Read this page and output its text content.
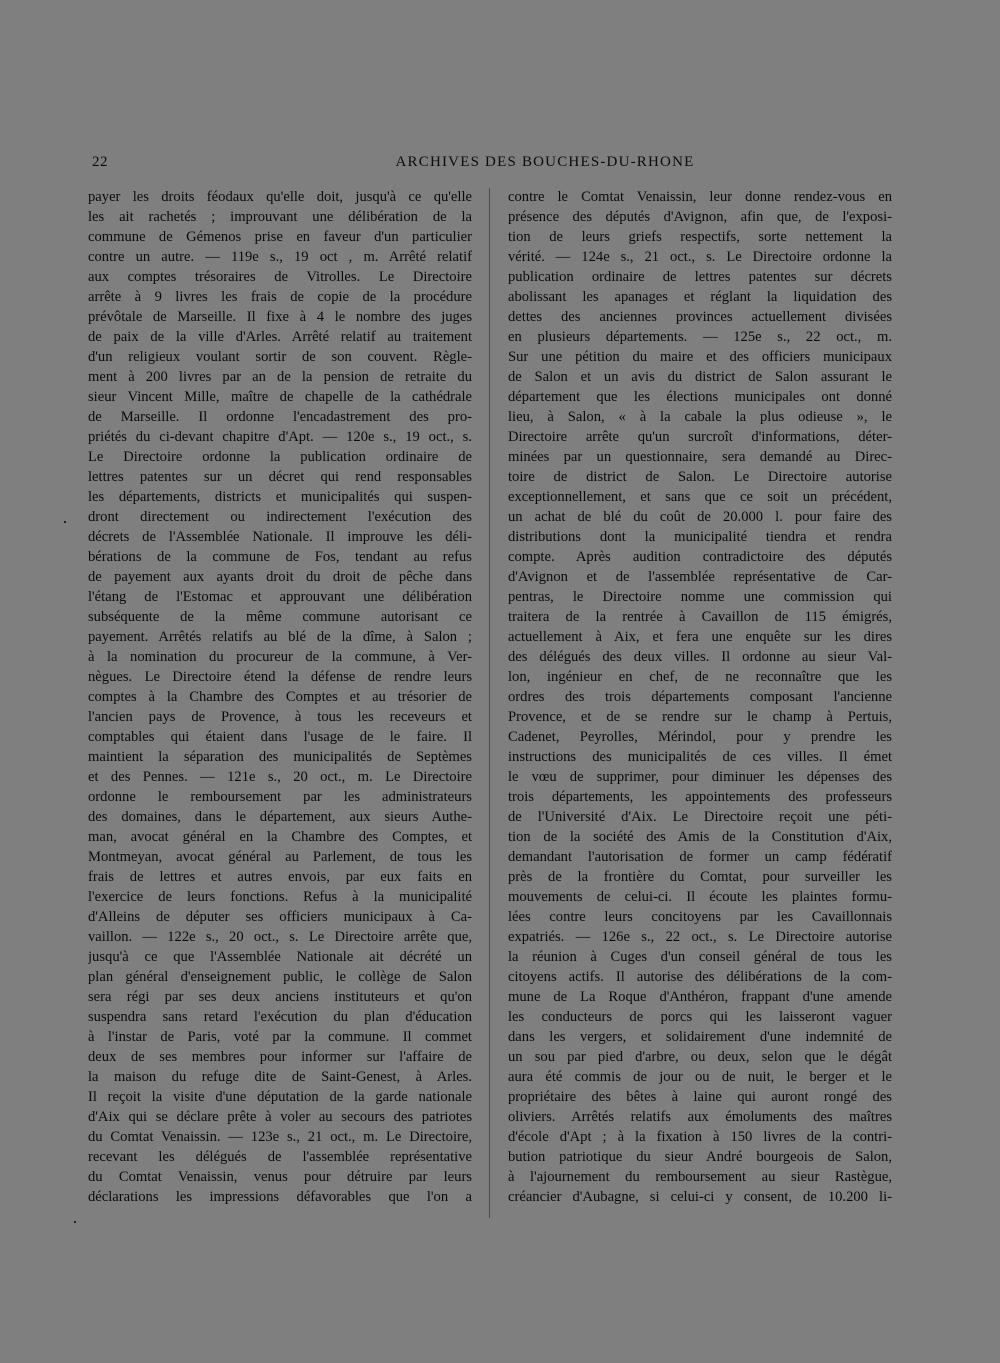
22	ARCHIVES DES BOUCHES-DU-RHONE
payer les droits féodaux qu'elle doit, jusqu'à ce qu'elle
les ait rachetés ; improuvant une délibération de la
commune de Gémenos prise en faveur d'un particulier
contre un autre. — 119e s., 19 oct , m. Arrêté relatif
aux comptes trésoraires de Vitrolles. Le Directoire
arrête à 9 livres les frais de copie de la procédure
prévôtale de Marseille. Il fixe à 4 le nombre des juges
de paix de la ville d'Arles. Arrêté relatif au traitement
d'un religieux voulant sortir de son couvent. Règle-
ment à 200 livres par an de la pension de retraite du
sieur Vincent Mille, maître de chapelle de la cathédrale
de Marseille. Il ordonne l'encadastrement des pro-
priétés du ci-devant chapitre d'Apt. — 120e s., 19 oct., s.
Le Directoire ordonne la publication ordinaire de
lettres patentes sur un décret qui rend responsables
les départements, districts et municipalités qui suspen-
dront directement ou indirectement l'exécution des
décrets de l'Assemblée Nationale. Il improuve les déli-
bérations de la commune de Fos, tendant au refus
de payement aux ayants droit du droit de pêche dans
l'étang de l'Estomac et approuvant une délibération
subséquente de la même commune autorisant ce
payement. Arrêtés relatifs au blé de la dîme, à Salon ;
à la nomination du procureur de la commune, à Ver-
nègues. Le Directoire étend la défense de rendre leurs
comptes à la Chambre des Comptes et au trésorier de
l'ancien pays de Provence, à tous les receveurs et
comptables qui étaient dans l'usage de le faire. Il
maintient la séparation des municipalités de Septèmes
et des Pennes. — 121e s., 20 oct., m. Le Directoire
ordonne le remboursement par les administrateurs
des domaines, dans le département, aux sieurs Authe-
man, avocat général en la Chambre des Comptes, et
Montmeyan, avocat général au Parlement, de tous les
frais de lettres et autres envois, par eux faits en
l'exercice de leurs fonctions. Refus à la municipalité
d'Alleins de députer ses officiers municipaux à Ca-
vaillon. — 122e s., 20 oct., s. Le Directoire arrête que,
jusqu'à ce que l'Assemblée Nationale ait décrété un
plan général d'enseignement public, le collège de Salon
sera régi par ses deux anciens instituteurs et qu'on
suspendra sans retard l'exécution du plan d'éducation
à l'instar de Paris, voté par la commune. Il commet
deux de ses membres pour informer sur l'affaire de
la maison du refuge dite de Saint-Genest, à Arles.
Il reçoit la visite d'une députation de la garde nationale
d'Aix qui se déclare prête à voler au secours des patriotes
du Comtat Venaissin. — 123e s., 21 oct., m. Le Directoire,
recevant les délégués de l'assemblée représentative
du Comtat Venaissin, venus pour détruire par leurs
déclarations les impressions défavorables que l'on a
contre le Comtat Venaissin, leur donne rendez-vous en
présence des députés d'Avignon, afin que, de l'exposi-
tion de leurs griefs respectifs, sorte nettement la
vérité. — 124e s., 21 oct., s. Le Directoire ordonne la
publication ordinaire de lettres patentes sur décrets
abolissant les apanages et réglant la liquidation des
dettes des anciennes provinces actuellement divisées
en plusieurs départements. — 125e s., 22 oct., m.
Sur une pétition du maire et des officiers municipaux
de Salon et un avis du district de Salon assurant le
département que les élections municipales ont donné
lieu, à Salon, « à la cabale la plus odieuse », le
Directoire arrête qu'un surcroît d'informations, déter-
minées par un questionnaire, sera demandé au Direc-
toire de district de Salon. Le Directoire autorise
exceptionnellement, et sans que ce soit un précédent,
un achat de blé du coût de 20.000 l. pour faire des
distributions dont la municipalité tiendra et rendra
compte. Après audition contradictoire des députés
d'Avignon et de l'assemblée représentative de Car-
pentras, le Directoire nomme une commission qui
traitera de la rentrée à Cavaillon de 115 émigrés,
actuellement à Aix, et fera une enquête sur les dires
des délégués des deux villes. Il ordonne au sieur Val-
lon, ingénieur en chef, de ne reconnaître que les
ordres des trois départements composant l'ancienne
Provence, et de se rendre sur le champ à Pertuis,
Cadenet, Peyrolles, Mérindol, pour y prendre les
instructions des municipalités de ces villes. Il émet
le vœu de supprimer, pour diminuer les dépenses des
trois départements, les appointements des professeurs
de l'Université d'Aix. Le Directoire reçoit une péti-
tion de la société des Amis de la Constitution d'Aix,
demandant l'autorisation de former un camp fédératif
près de la frontière du Comtat, pour surveiller les
mouvements de celui-ci. Il écoute les plaintes formu-
lées contre leurs concitoyens par les Cavaillonnais
expatriés. — 126e s., 22 oct., s. Le Directoire autorise
la réunion à Cuges d'un conseil général de tous les
citoyens actifs. Il autorise des délibérations de la com-
mune de La Roque d'Anthéron, frappant d'une amende
les conducteurs de porcs qui les laisseront vaguer
dans les vergers, et solidairement d'une indemnité de
un sou par pied d'arbre, ou deux, selon que le dégât
aura été commis de jour ou de nuit, le berger et le
propriétaire des bêtes à laine qui auront rongé des
oliviers. Arrêtés relatifs aux émoluments des maîtres
d'école d'Apt ; à la fixation à 150 livres de la contri-
bution patriotique du sieur André bourgeois de Salon,
à l'ajournement du remboursement au sieur Rastègue,
créancier d'Aubagne, si celui-ci y consent, de 10.200 li-
